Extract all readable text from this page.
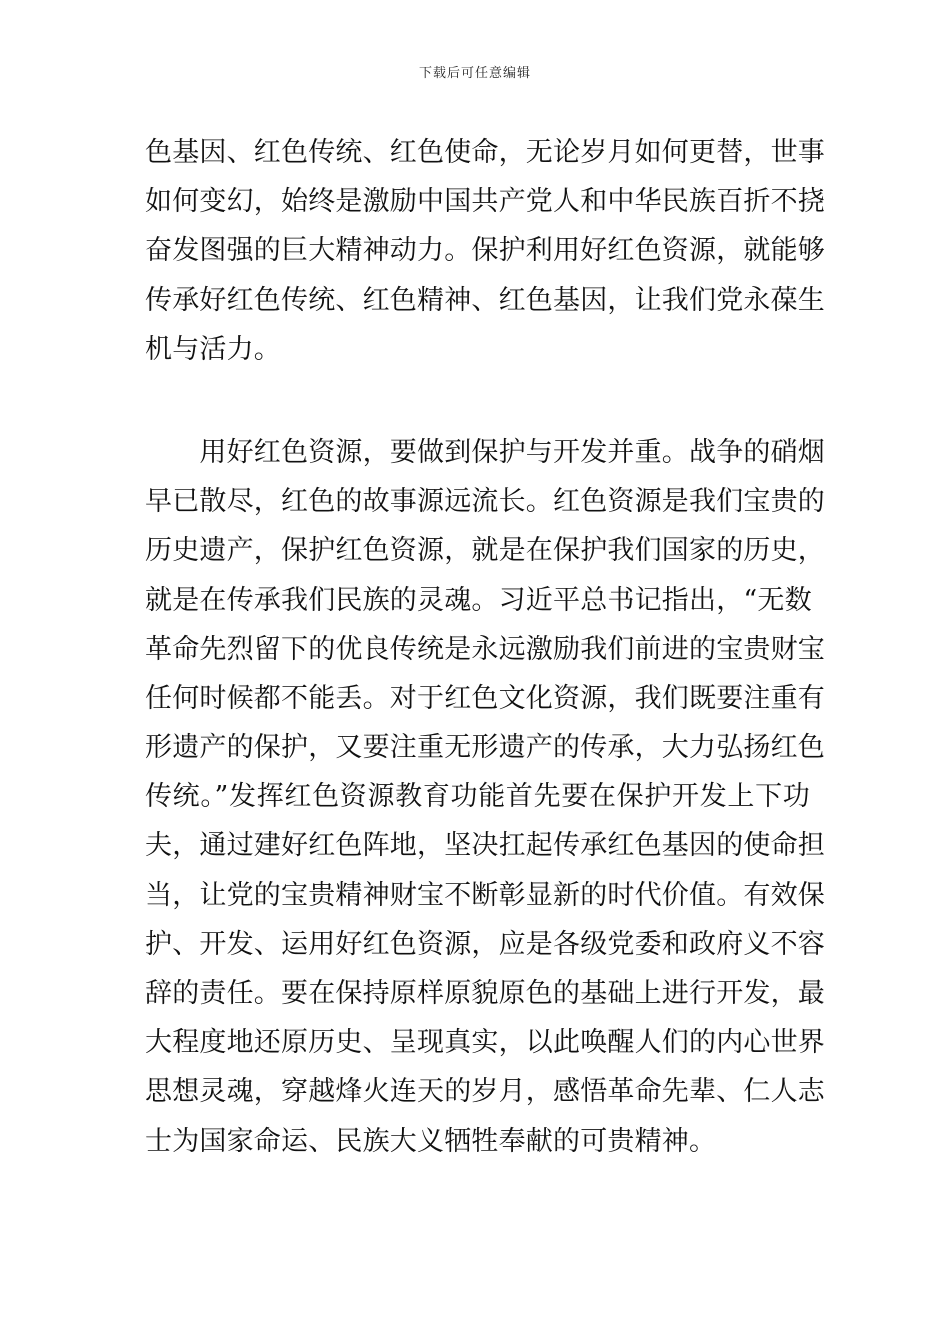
下载后可任意编辑
色基因、红色传统、红色使命，无论岁月如何更替，世事
如何变幻，始终是激励中国共产党人和中华民族百折不挠
奋发图强的巨大精神动力。保护利用好红色资源，就能够
传承好红色传统、红色精神、红色基因，让我们党永葆生
机与活力。
　　用好红色资源，要做到保护与开发并重。战争的硝烟
早已散尽，红色的故事源远流长。红色资源是我们宝贵的
历史遗产，保护红色资源，就是在保护我们国家的历史，
就是在传承我们民族的灵魂。习近平总书记指出，“无数
革命先烈留下的优良传统是永远激励我们前进的宝贵财宝
任何时候都不能丢。对于红色文化资源，我们既要注重有
形遗产的保护，又要注重无形遗产的传承，大力弘扬红色
传统。”发挥红色资源教育功能首先要在保护开发上下功
夫，通过建好红色阵地，坚决扛起传承红色基因的使命担
当，让党的宝贵精神财宝不断彰显新的时代价值。有效保
护、开发、运用好红色资源，应是各级党委和政府义不容
辞的责任。要在保持原样原貌原色的基础上进行开发，最
大程度地还原历史、呈现真实，以此唤醒人们的内心世界
思想灵魂，穿越烽火连天的岁月，感悟革命先辈、仁人志
士为国家命运、民族大义牺牲奉献的可贵精神。
